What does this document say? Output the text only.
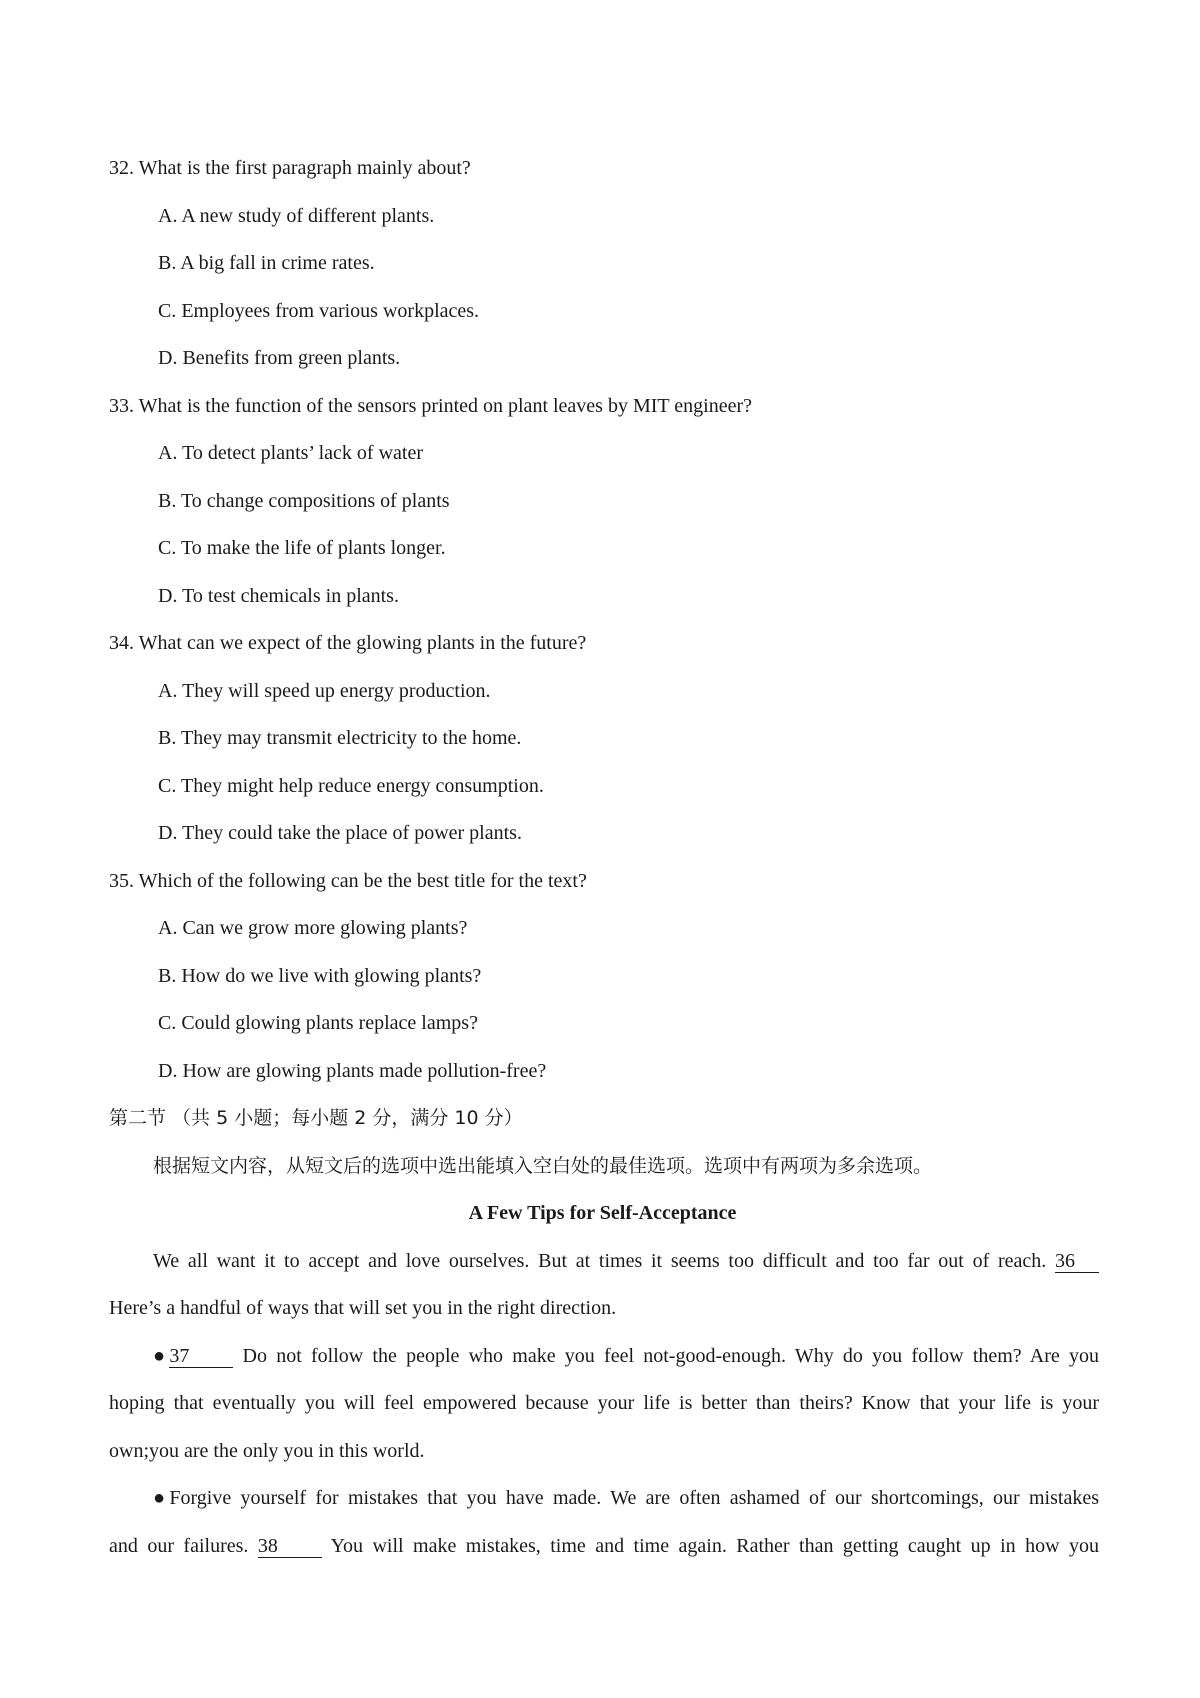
32. What is the first paragraph mainly about?
A. A new study of different plants.
B. A big fall in crime rates.
C. Employees from various workplaces.
D. Benefits from green plants.
33. What is the function of the sensors printed on plant leaves by MIT engineer?
A. To detect plants’ lack of water
B. To change compositions of plants
C. To make the life of plants longer.
D. To test chemicals in plants.
34. What can we expect of the glowing plants in the future?
A. They will speed up energy production.
B. They may transmit electricity to the home.
C. They might help reduce energy consumption.
D. They could take the place of power plants.
35. Which of the following can be the best title for the text?
A. Can we grow more glowing plants?
B. How do we live with glowing plants?
C. Could glowing plants replace lamps?
D. How are glowing plants made pollution-free?
第二节 （共 5 小题；每小题 2 分，满分 10 分）
根据短文内容，从短文后的选项中选出能填入空白处的最佳选项。选项中有两项为多余选项。
A Few Tips for Self-Acceptance
We all want it to accept and love ourselves. But at times it seems too difficult and too far out of reach. 36
Here’s a handful of ways that will set you in the right direction.
●37	Do not follow the people who make you feel not-good-enough. Why do you follow them? Are you
hoping that eventually you will feel empowered because your life is better than theirs? Know that your life is your
own;you are the only you in this world.
●Forgive yourself for mistakes that you have made. We are often ashamed of our shortcomings, our mistakes
and our failures. 38	You will make mistakes, time and time again. Rather than getting caught up in how you
